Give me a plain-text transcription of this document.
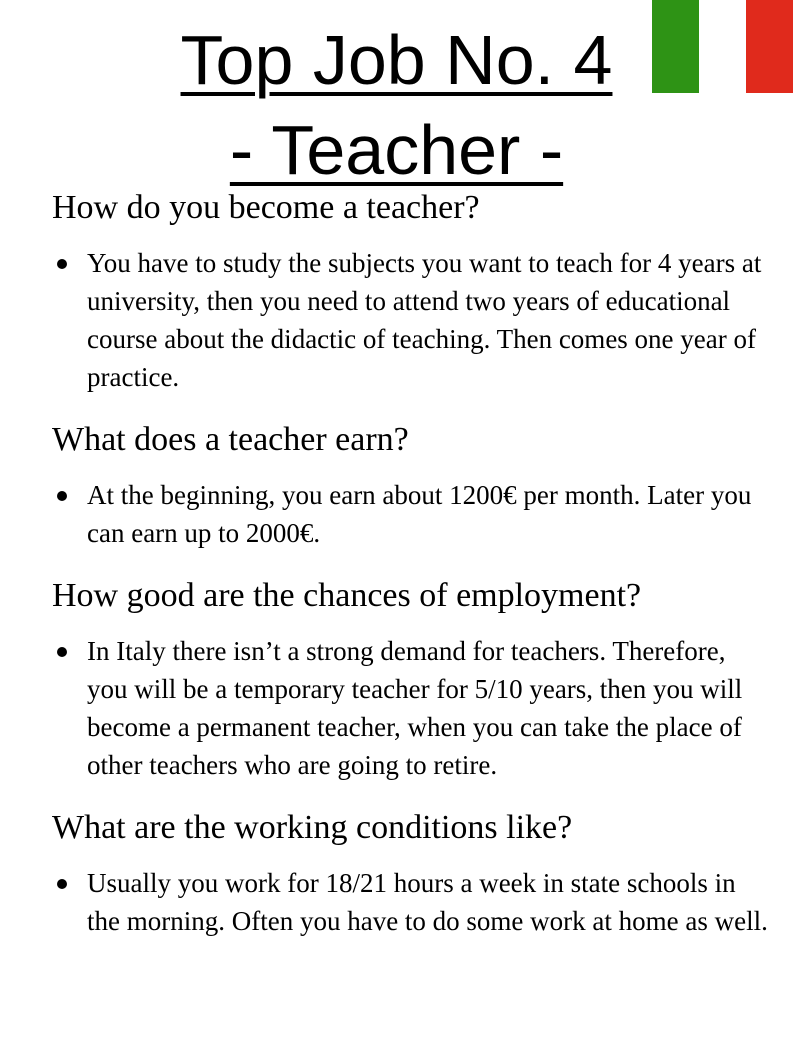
Top Job No. 4
- Teacher -
How do you become a teacher?
You have to study the subjects you want to teach for 4 years at university, then you need to attend two years of educational course about the didactic of teaching. Then comes one year of practice.
What does a teacher earn?
At the beginning, you earn about 1200€ per month. Later you can earn up to 2000€.
How good are the chances of employment?
In Italy there isn’t a strong demand for teachers. Therefore, you will be a temporary teacher for 5/10 years, then you will become a permanent teacher, when you can take the place of other teachers who are going to retire.
What are the working conditions like?
Usually you work for 18/21 hours a week in state schools in the morning. Often you have to do some work at home as well.
